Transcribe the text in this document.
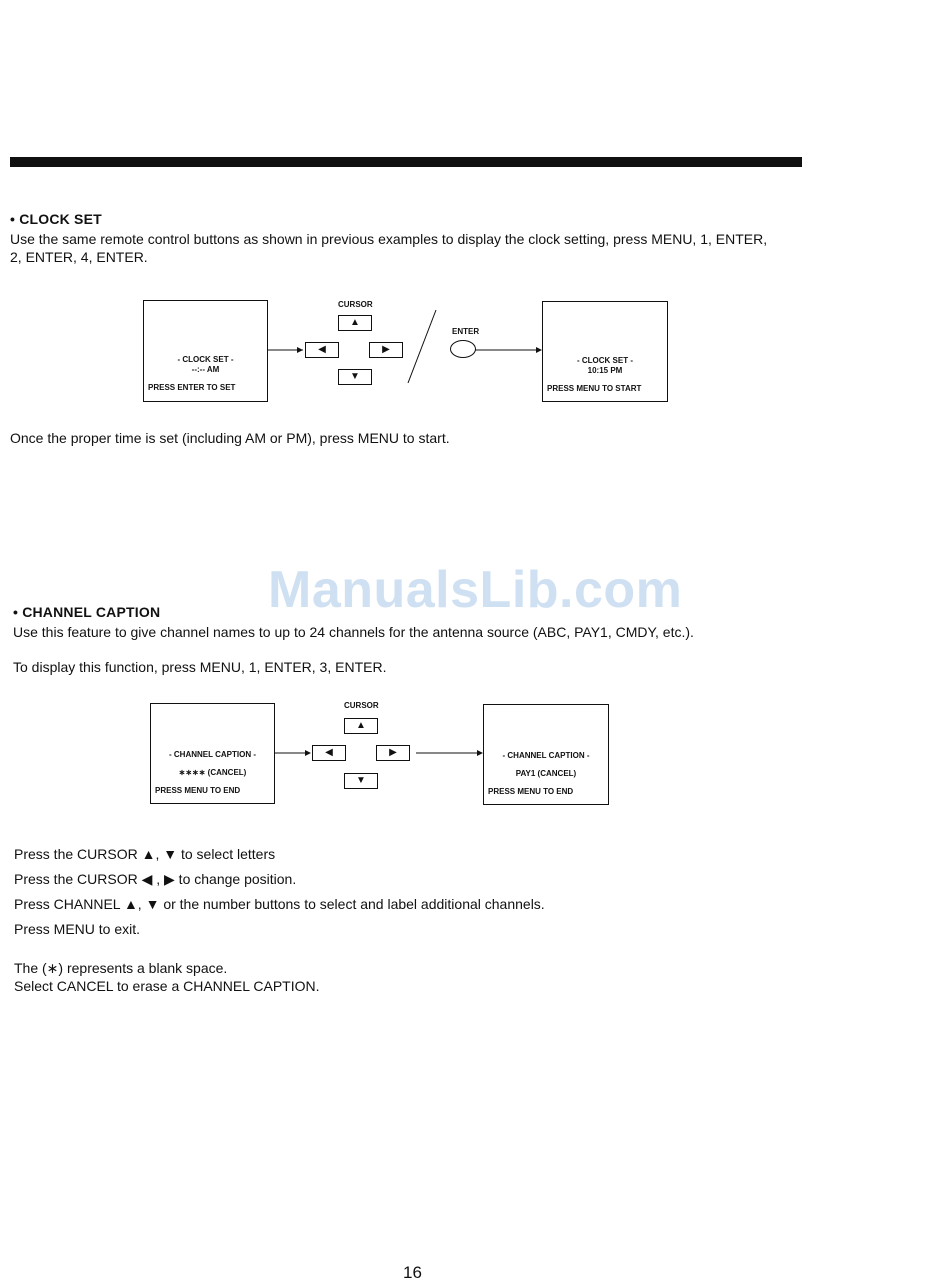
• CLOCK SET
Use the same remote control buttons as shown in previous examples to display the clock setting, press MENU, 1, ENTER, 2, ENTER, 4, ENTER.
- CLOCK SET -
--:-- AM
PRESS ENTER TO SET
CURSOR
▲
◀	▶
▼
ENTER
- CLOCK SET -
10:15 PM
PRESS MENU TO START
Once the proper time is set (including AM or PM), press MENU to start.
ManualsLib.com
• CHANNEL CAPTION
Use this feature to give channel names to up to 24 channels for the antenna source (ABC, PAY1, CMDY, etc.).
To display this function, press MENU, 1, ENTER, 3, ENTER.
- CHANNEL CAPTION -
∗∗∗∗ (CANCEL)
PRESS MENU TO END
CURSOR
▲
◀	▶
▼
- CHANNEL CAPTION -
PAY1 (CANCEL)
PRESS MENU TO END
Press the CURSOR ▲, ▼ to select letters
Press the CURSOR ◀ , ▶ to change position.
Press CHANNEL ▲, ▼ or the number buttons to select and label additional channels.
Press MENU to exit.
The (∗) represents a blank space.
Select CANCEL to erase a CHANNEL CAPTION.
16
